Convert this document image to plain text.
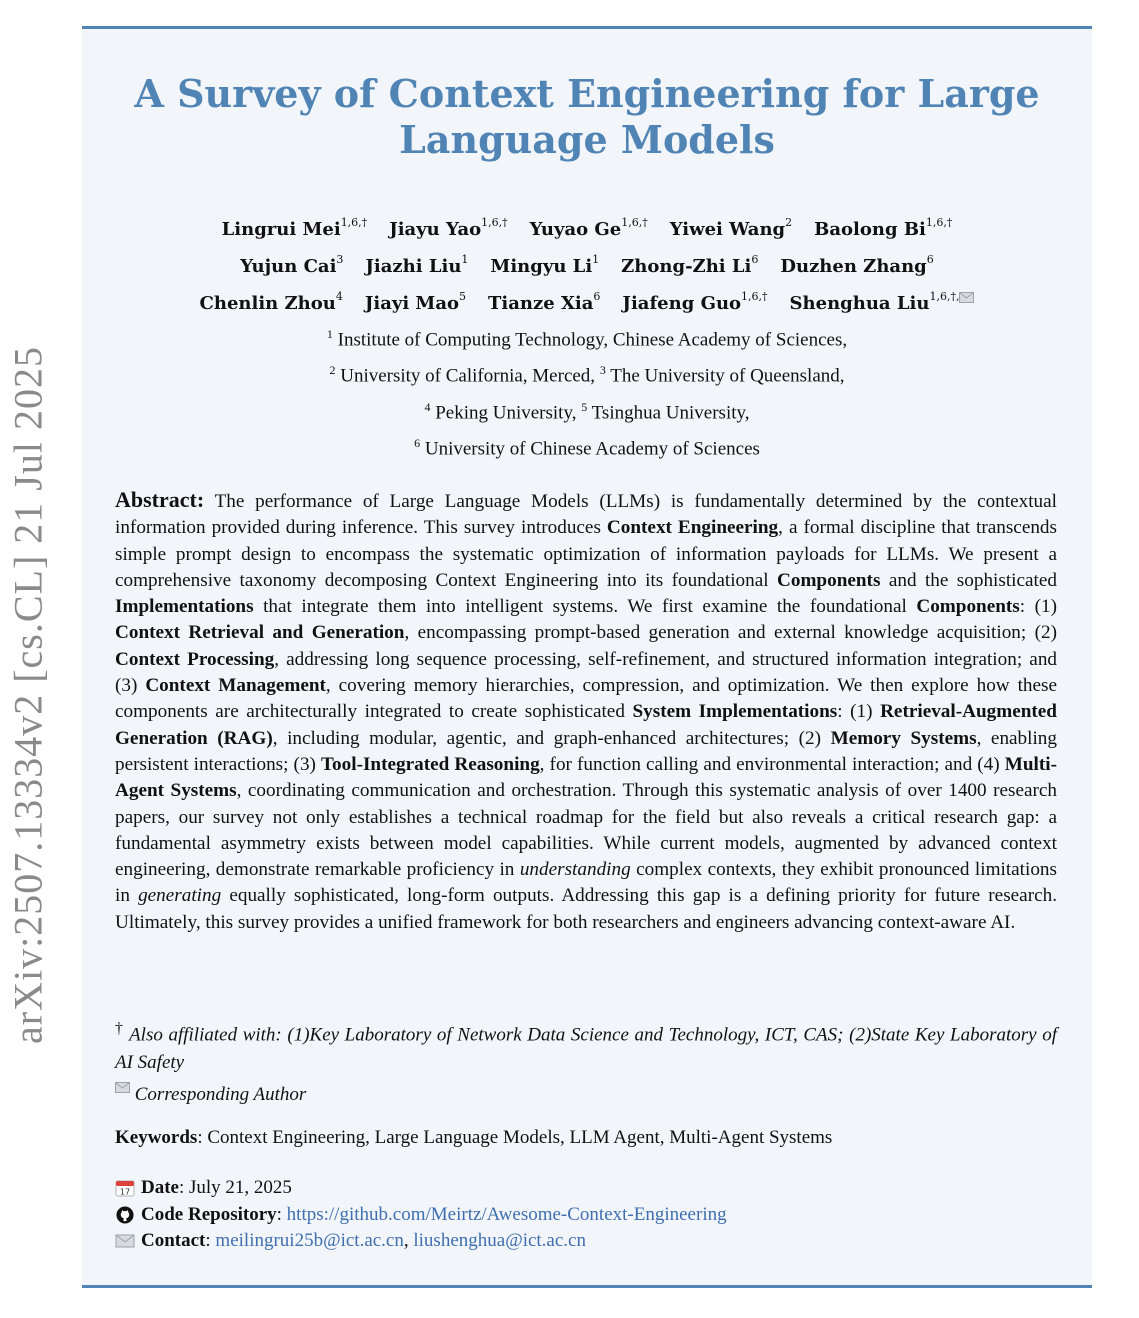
arXiv:2507.13334v2 [cs.CL] 21 Jul 2025
A Survey of Context Engineering for Large
Language Models
Lingrui Mei$^{1,6,\dagger}$ Jiayu Yao$^{1,6,\dagger}$ Yuyao $Ge^{1,6,\dagger}$ Yiwei Wang$^2$ Baolong $Bi^{1,6,\dagger}$
Yujun Cai$^3$ Jiazhi Liu$^1$ Mingyu Li$^1$ Zhong-Zhi Li$^6$ Duzhen Zhang$^6$
Chenlin Zhou$^4$ Jiayi Mao$^5$ Tianze Xia$^6$ Jiafeng Guo$^{1,6,\dagger}$ Shenghua Liu$^{1,6,\dagger,}$
$^1$ Institute of Computing Technology, Chinese Academy of Sciences,
$^2$ University of California, Merced, $^3$ The University of Queensland,
$^4$ Peking University, $^5$ Tsinghua University,
$^6$ University of Chinese Academy of Sciences
Abstract: The performance of Large Language Models (LLMs) is fundamentally determined by the contextual information provided during inference. This survey introduces Context Engineering, a formal discipline that transcends simple prompt design to encompass the systematic optimization of information payloads for LLMs. We present a comprehensive taxonomy decomposing Context Engineering into its foundational Components and the sophisticated Implementations that integrate them into intelligent systems. We first examine the foundational Components: (1) Context Retrieval and Generation, encompassing prompt-based generation and external knowledge acquisition; (2) Context Processing, addressing long sequence processing, self-refinement, and structured information integration; and (3) Context Management, covering memory hierarchies, compression, and optimization. We then explore how these components are architecturally integrated to create sophisticated System Implementations: (1) Retrieval-Augmented Generation (RAG), including modular, agentic, and graph-enhanced architectures; (2) Memory Systems, enabling persistent interactions; (3) Tool-Integrated Reasoning, for function calling and environmental interaction; and (4) Multi-Agent Systems, coordinating communication and orchestration. Through this systematic analysis of over 1400 research papers, our survey not only establishes a technical roadmap for the field but also reveals a critical research gap: a fundamental asymmetry exists between model capabilities. While current models, augmented by advanced context engineering, demonstrate remarkable proficiency in understanding complex contexts, they exhibit pronounced limitations in generating equally sophisticated, long-form outputs. Addressing this gap is a defining priority for future research. Ultimately, this survey provides a unified framework for both researchers and engineers advancing context-aware AI.
† Also affiliated with: (1)Key Laboratory of Network Data Science and Technology, ICT, CAS; (2)State Key Laboratory of AI Safety
Corresponding Author
Keywords: Context Engineering, Large Language Models, LLM Agent, Multi-Agent Systems
17 Date: July 21, 2025
Code Repository: https://github.com/Meirtz/Awesome-Context-Engineering
Contact: meilingrui25b@ict.ac.cn, liushenghua@ict.ac.cn
